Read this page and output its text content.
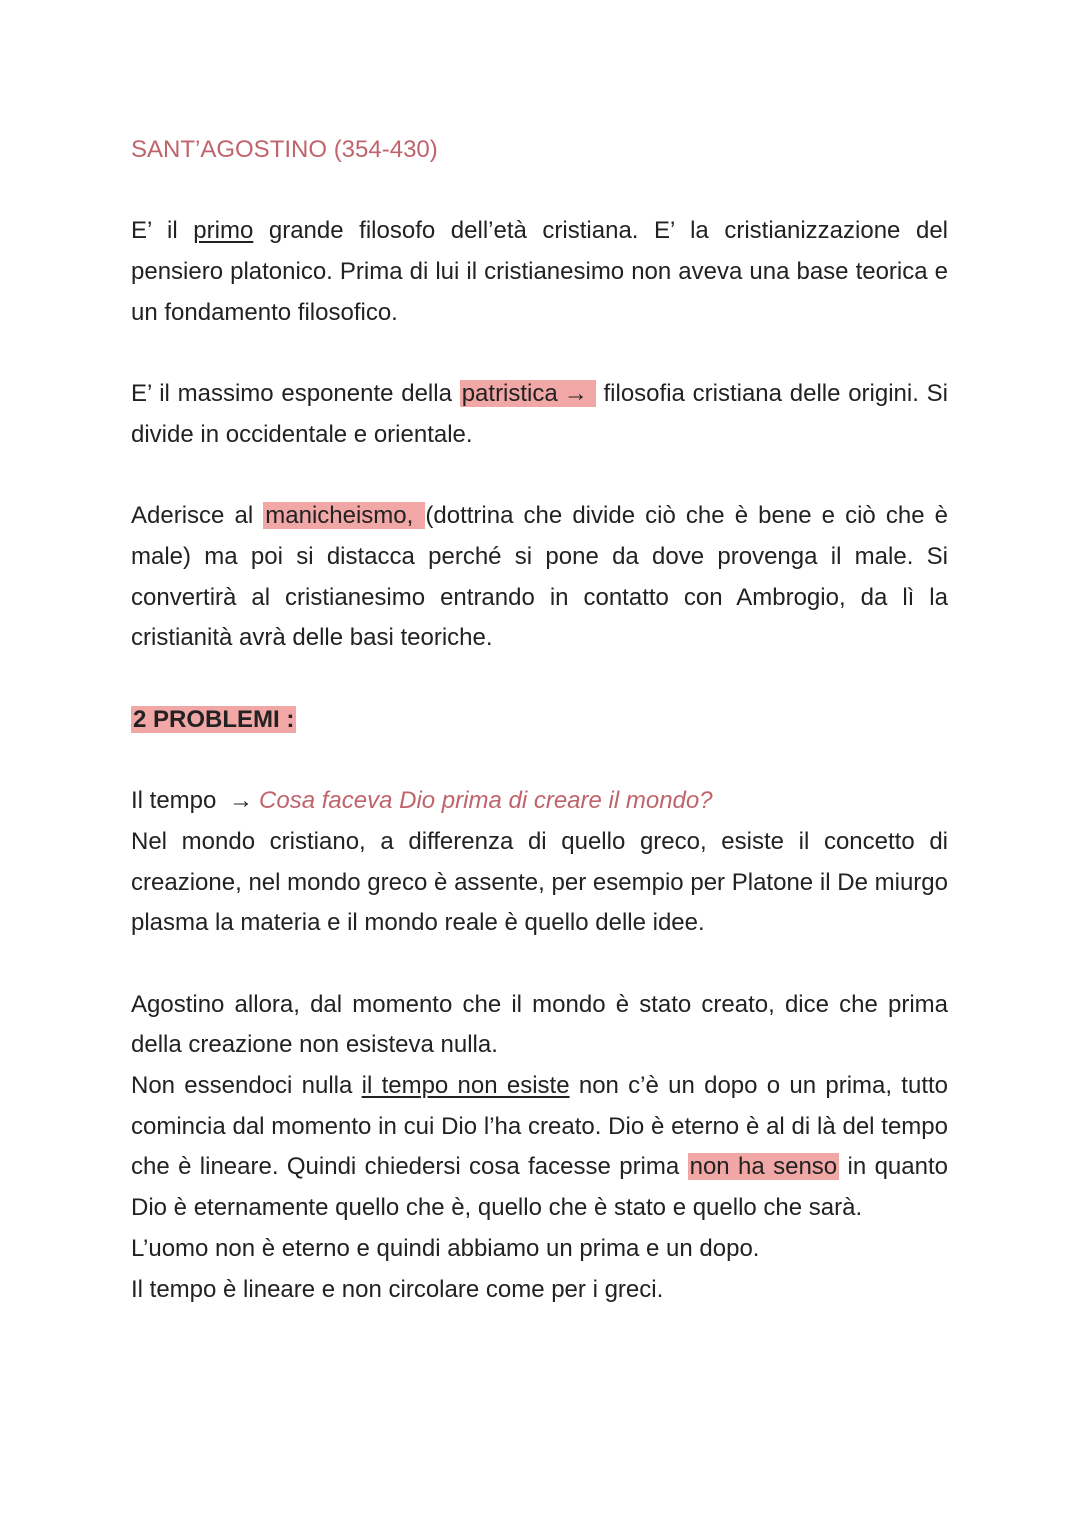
SANT’AGOSTINO (354-430)

E’ il primo grande filosofo dell’età cristiana. E’ la cristianizzazione del pensiero platonico. Prima di lui il cristianesimo non aveva una base teorica e un fondamento filosofico.

E’ il massimo esponente della patristica → filosofia cristiana delle origini. Si divide in occidentale e orientale.

Aderisce al manicheismo, (dottrina che divide ciò che è bene e ciò che è male) ma poi si distacca perché si pone da dove provenga il male. Si convertirà al cristianesimo entrando in contatto con Ambrogio, da lì la cristianità avrà delle basi teoriche.

2 PROBLEMI :

Il tempo → Cosa faceva Dio prima di creare il mondo?

Nel mondo cristiano, a differenza di quello greco, esiste il concetto di creazione, nel mondo greco è assente, per esempio per Platone il De miurgo plasma la materia e il mondo reale è quello delle idee.

Agostino allora, dal momento che il mondo è stato creato, dice che prima della creazione non esisteva nulla.

Non essendoci nulla il tempo non esiste non c’è un dopo o un prima, tutto comincia dal momento in cui Dio l’ha creato. Dio è eterno è al di là del tempo che è lineare. Quindi chiedersi cosa facesse prima non ha senso in quanto Dio è eternamente quello che è, quello che è stato e quello che sarà.

L’uomo non è eterno e quindi abbiamo un prima e un dopo.

Il tempo è lineare e non circolare come per i greci.
